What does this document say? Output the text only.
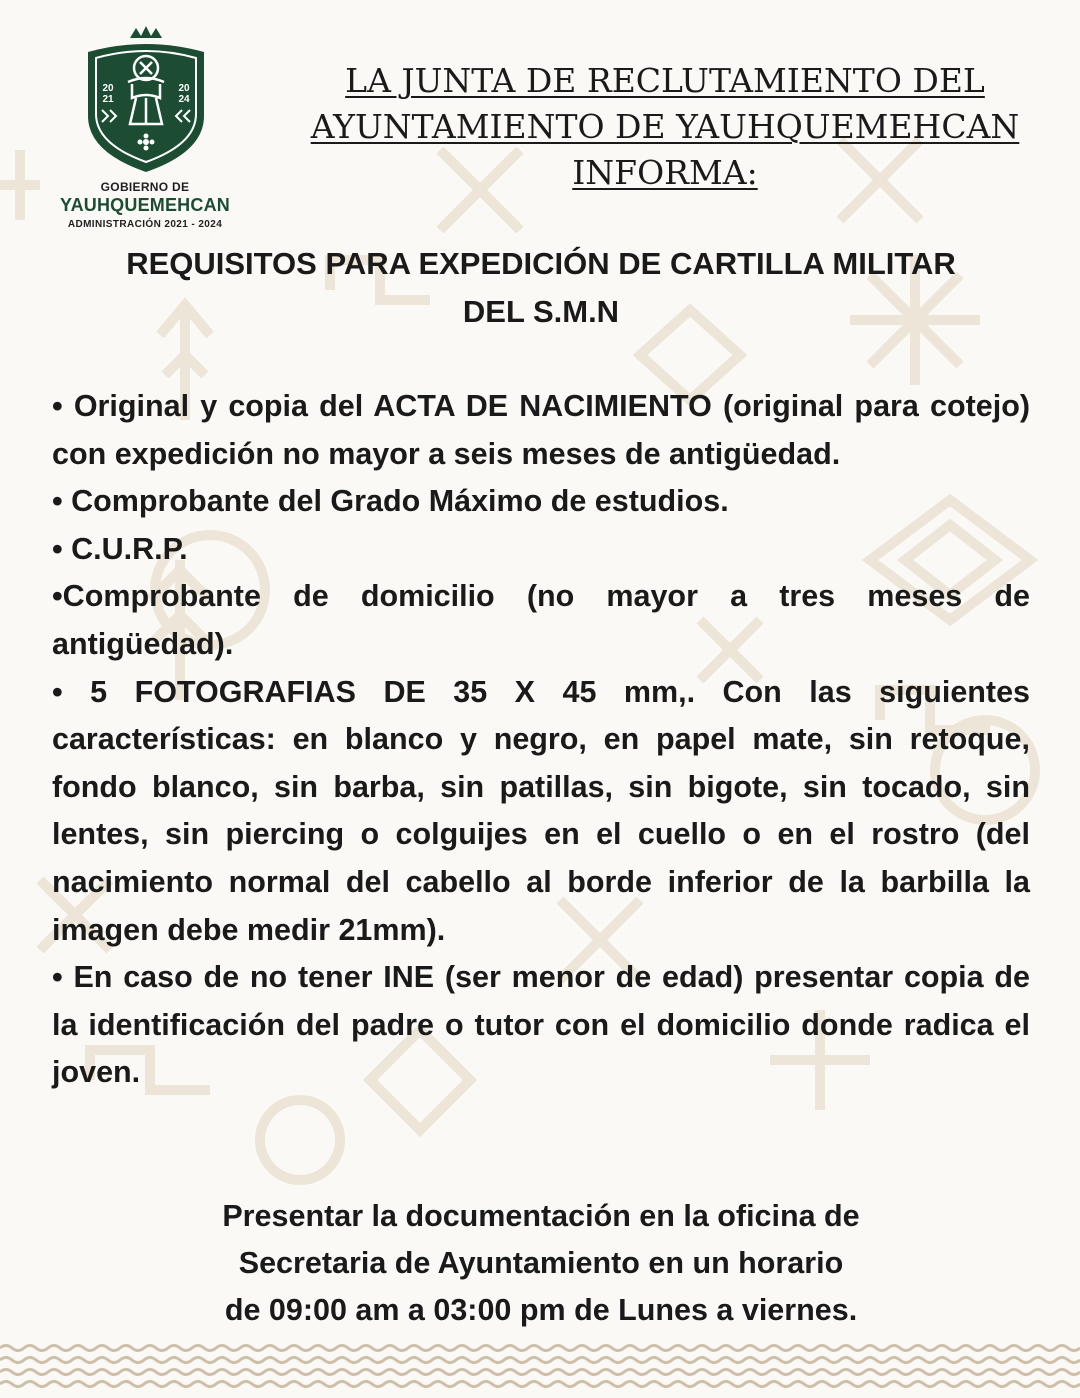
20
21
20
24
GOBIERNO DE
YAUHQUEMEHCAN
ADMINISTRACIÓN 2021 - 2024
LA JUNTA DE RECLUTAMIENTO DEL
AYUNTAMIENTO DE YAUHQUEMEHCAN
INFORMA:
REQUISITOS PARA EXPEDICIÓN DE CARTILLA MILITAR
DEL S.M.N

• Original y copia del ACTA DE NACIMIENTO (original para cotejo) con expedición no mayor a seis meses de antigüedad.

• Comprobante del Grado Máximo de estudios.

• C.U.R.P.

•Comprobante de domicilio (no mayor a tres meses de antigüedad).

• 5 FOTOGRAFIAS DE 35 X 45 mm,. Con las siguientes características: en blanco y negro, en papel mate, sin retoque, fondo blanco, sin barba, sin patillas, sin bigote, sin tocado, sin lentes, sin piercing o colguijes en el cuello o en el rostro (del nacimiento normal del cabello al borde inferior de la barbilla la imagen debe medir 21mm).

• En caso de no tener INE (ser menor de edad) presentar copia de la identificación del padre o tutor con el domicilio donde radica el joven.

Presentar la documentación en la oficina de
Secretaria de Ayuntamiento en un horario
de 09:00 am a 03:00 pm de Lunes a viernes.
